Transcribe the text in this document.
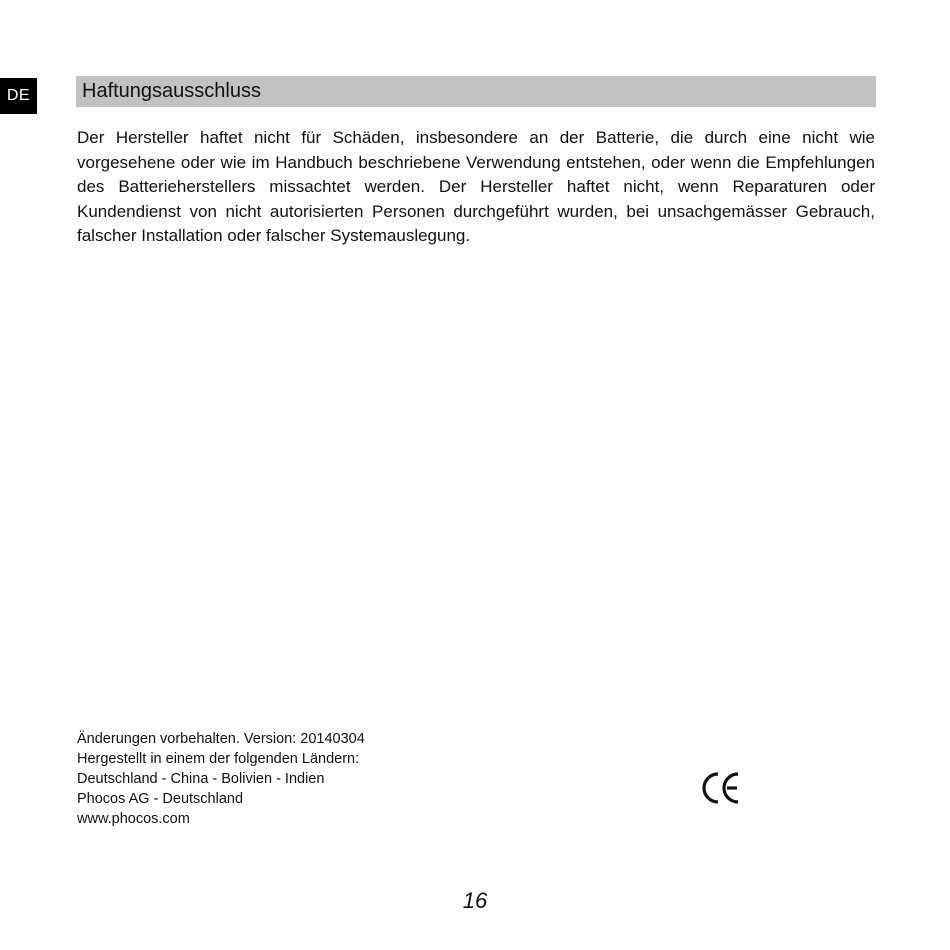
DE	Haftungsausschluss

Der Hersteller haftet nicht für Schäden, insbesondere an der Batterie, die durch eine nicht wie vorgesehene oder wie im Handbuch beschriebene Verwendung entstehen, oder wenn die Empfehlungen des Batterieherstellers missachtet werden. Der Hersteller haftet nicht, wenn Reparaturen oder Kundendienst von nicht autorisierten Personen durchgeführt wurden, bei unsachgemässer Gebrauch, falscher Installation oder falscher Systemauslegung.

Änderungen vorbehalten. Version: 20140304
Hergestellt in einem der folgenden Ländern:
Deutschland - China - Bolivien - Indien
Phocos AG - Deutschland
www.phocos.com
16
